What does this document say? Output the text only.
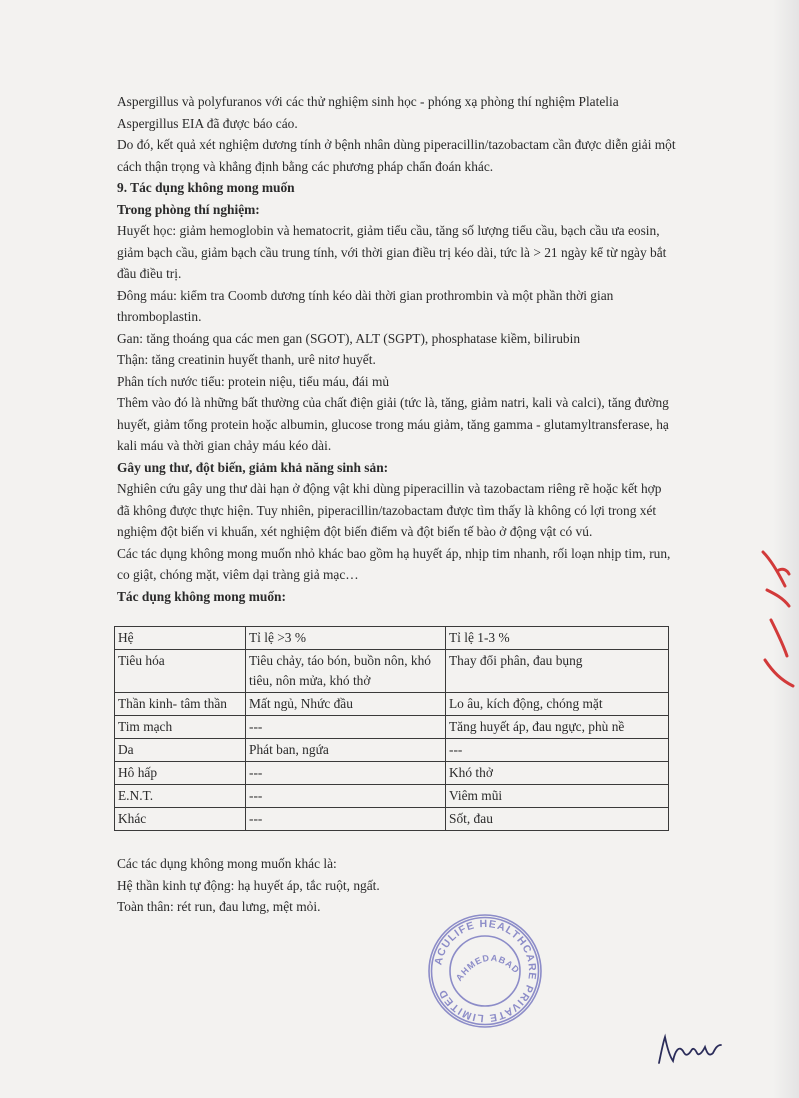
Aspergillus và polyfuranos với các thử nghiệm sinh học - phóng xạ phòng thí nghiệm Platelia Aspergillus EIA đã được báo cáo.

Do đó, kết quả xét nghiệm dương tính ở bệnh nhân dùng piperacillin/tazobactam cần được diễn giải một cách thận trọng và khẳng định bằng các phương pháp chẩn đoán khác.

9. Tác dụng không mong muốn

Trong phòng thí nghiệm:

Huyết học: giảm hemoglobin và hematocrit, giảm tiểu cầu, tăng số lượng tiểu cầu, bạch cầu ưa eosin, giảm bạch cầu, giảm bạch cầu trung tính, với thời gian điều trị kéo dài, tức là > 21 ngày kể từ ngày bắt đầu điều trị.

Đông máu: kiểm tra Coomb dương tính kéo dài thời gian prothrombin và một phần thời gian thromboplastin.

Gan: tăng thoáng qua các men gan (SGOT), ALT (SGPT), phosphatase kiềm, bilirubin

Thận: tăng creatinin huyết thanh, urê nitơ huyết.

Phân tích nước tiểu: protein niệu, tiểu máu, đái mủ

Thêm vào đó là những bất thường của chất điện giải (tức là, tăng, giảm natri, kali và calci), tăng đường huyết, giảm tổng protein hoặc albumin, glucose trong máu giảm, tăng gamma - glutamyltransferase, hạ kali máu và thời gian chảy máu kéo dài.

Gây ung thư, đột biến, giảm khả năng sinh sản:

Nghiên cứu gây ung thư dài hạn ở động vật khi dùng piperacillin và tazobactam riêng rẽ hoặc kết hợp đã không được thực hiện. Tuy nhiên, piperacillin/tazobactam được tìm thấy là không có lợi trong xét nghiệm đột biến vi khuẩn, xét nghiệm đột biến điểm và đột biến tế bào ở động vật có vú.

Các tác dụng không mong muốn nhỏ khác bao gồm hạ huyết áp, nhịp tim nhanh, rối loạn nhịp tim, run, co giật, chóng mặt, viêm dại tràng giả mạc…

Tác dụng không mong muốn:

Hệ	Tỉ lệ >3 %	Tỉ lệ 1-3 %
Tiêu hóa	Tiêu chảy, táo bón, buồn nôn, khó tiêu, nôn mửa, khó thở	Thay đổi phân, đau bụng
Thần kinh- tâm thần	Mất ngủ, Nhức đầu	Lo âu, kích động, chóng mặt
Tim mạch	---	Tăng huyết áp, đau ngực, phù nề
Da	Phát ban, ngứa	---
Hô hấp	---	Khó thở
E.N.T.	---	Viêm mũi
Khác	---	Sốt, đau

Các tác dụng không mong muốn khác là:

Hệ thần kinh tự động: hạ huyết áp, tắc ruột, ngất.

Toàn thân: rét run, đau lưng, mệt mỏi.

ACULIFE HEALTHCARE PRIVATE LIMITED
AHMEDABAD
